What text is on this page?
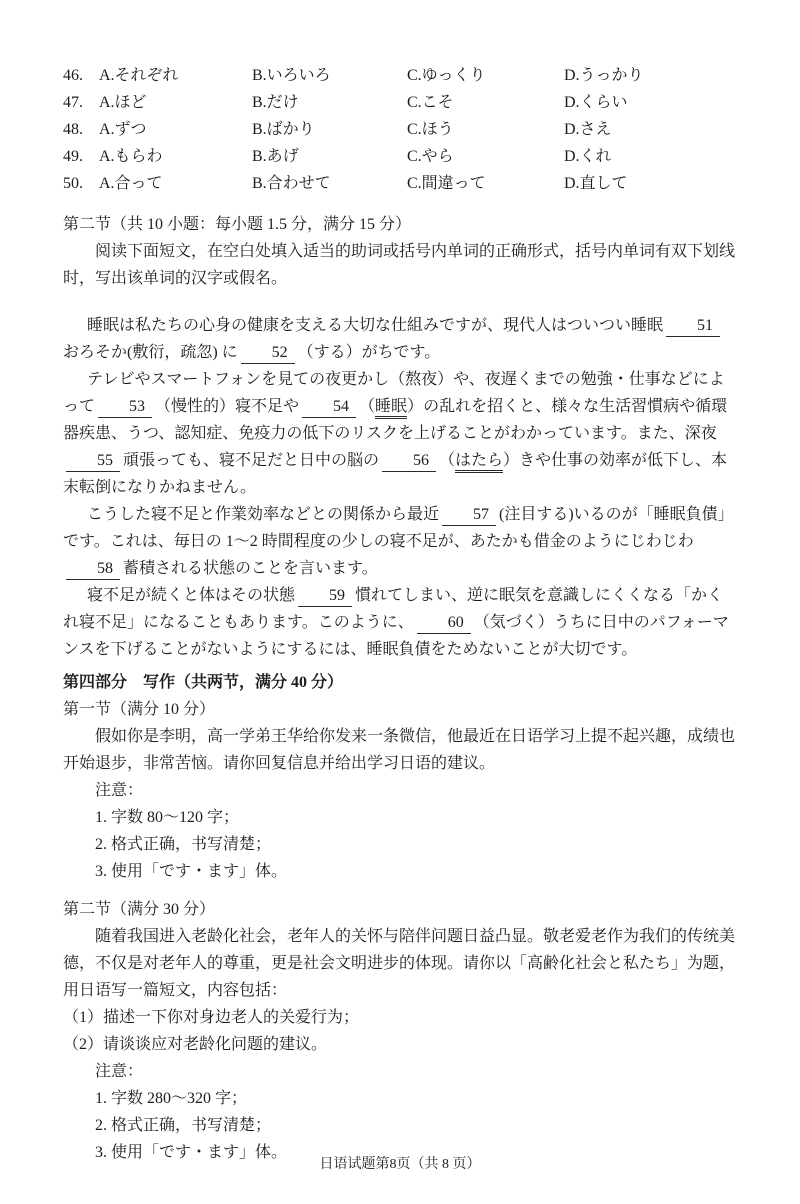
46.	A.それぞれ	B.いろいろ	C.ゆっくり	D.うっかり
47.	A.ほど	B.だけ	C.こそ	D.くらい
48.	A.ずつ	B.ばかり	C.ほう	D.さえ
49.	A.もらわ	B.あげ	C.やら	D.くれ
50.	A.合って	B.合わせて	C.間違って	D.直して
第二节（共 10 小题：每小题 1.5 分，满分 15 分）

阅读下面短文，在空白处填入适当的助词或括号内单词的正确形式，括号内单词有双下划线时，写出该单词的汉字或假名。

睡眠は私たちの心身の健康を支える大切な仕組みですが、現代人はついつい睡眠 51おろそか(敷衍，疏忽) に 52 （する）がちです。

テレビやスマートフォンを見ての夜更かし（熬夜）や、夜遅くまでの勉強・仕事などによって 53 （慢性的）寝不足や 54 （睡眠）の乱れを招くと、様々な生活習慣病や循環器疾患、うつ、認知症、免疫力の低下のリスクを上げることがわかっています。また、深夜55 頑張っても、寝不足だと日中の脳の 56 （はたら）きや仕事の効率が低下し、本末転倒になりかねません。

こうした寝不足と作業効率などとの関係から最近 57 (注目する)いるのが「睡眠負債」です。これは、毎日の 1～2 時間程度の少しの寝不足が、あたかも借金のようにじわじわ58 蓄積される状態のことを言います。

寝不足が続くと体はその状態 59 慣れてしまい、逆に眠気を意識しにくくなる「かくれ寝不足」になることもあります。このように、 60 （気づく）うちに日中のパフォーマンスを下げることがないようにするには、睡眠負債をためないことが大切です。

第四部分　写作（共两节，满分 40 分）

第一节（满分 10 分）

假如你是李明，高一学弟王华给你发来一条微信，他最近在日语学习上提不起兴趣，成绩也开始退步，非常苦恼。请你回复信息并给出学习日语的建议。

注意：
1. 字数 80～120 字；
2. 格式正确，书写清楚；
3. 使用「です・ます」体。

第二节（满分 30 分）

随着我国进入老龄化社会，老年人的关怀与陪伴问题日益凸显。敬老爱老作为我们的传统美德，不仅是对老年人的尊重，更是社会文明进步的体现。请你以「高齢化社会と私たち」为题，用日语写一篇短文，内容包括：

（1）描述一下你对身边老人的关爱行为；

（2）请谈谈应对老龄化问题的建议。

注意：
1. 字数 280～320 字；
2. 格式正确，书写清楚；
3. 使用「です・ます」体。
日语试题第8页（共 8 页）
